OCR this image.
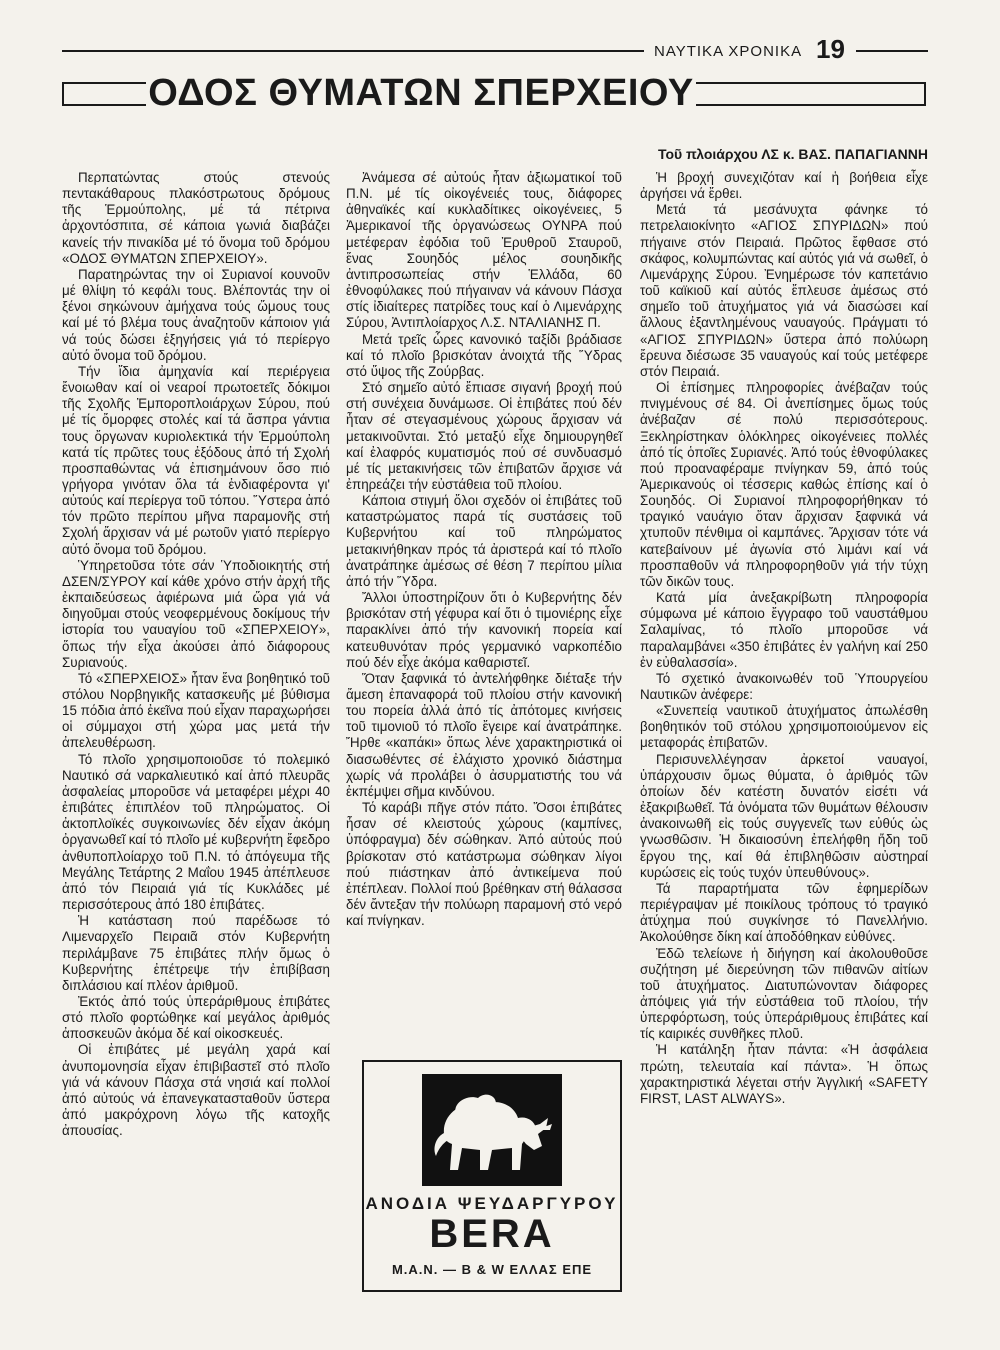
ΝΑΥΤΙΚΑ ΧΡΟΝΙΚΑ 19
ΟΔΟΣ ΘΥΜΑΤΩΝ ΣΠΕΡΧΕΙΟΥ
Τοῦ πλοιάρχου ΛΣ κ. ΒΑΣ. ΠΑΠΑΓΙΑΝΝΗ

Περπατώντας στούς στενούς πεντακάθαρους πλακόστρωτους δρόμους τῆς Ἑρμούπολης, μέ τά πέτρινα ἀρχοντόσπιτα, σέ κάποια γωνιά διαβάζει κανείς τήν πινακίδα μέ τό ὄνομα τοῦ δρόμου «ΟΔΟΣ ΘΥΜΑΤΩΝ ΣΠΕΡΧΕΙΟΥ».

Παρατηρώντας την οἱ Συριανοί κουνοῦν μέ θλίψη τό κεφάλι τους. Βλέποντάς την οἱ ξένοι σηκώνουν ἀμήχανα τούς ὤμους τους καί μέ τό βλέμα τους ἀναζητοῦν κάποιον γιά νά τούς δώσει ἐξηγήσεις γιά τό περίεργο αὐτό ὄνομα τοῦ δρόμου.

Τήν ἴδια ἀμηχανία καί περιέργεια ἔνοιωθαν καί οἱ νεαροί πρωτοετεῖς δόκιμοι τῆς Σχολῆς Ἐμποροπλοιάρχων Σύρου, πού μέ τίς ὄμορφες στολές καί τά ἄσπρα γάντια τους ὄργωναν κυριολεκτικά τήν Ἑρμούπολη κατά τίς πρῶτες τους ἐξόδους ἀπό τή Σχολή προσπαθώντας νά ἐπισημάνουν ὅσο πιό γρήγορα γινόταν ὅλα τά ἐνδιαφέροντα γι' αὐτούς καί περίεργα τοῦ τόπου. Ὕστερα ἀπό τόν πρῶτο περίπου μῆνα παραμονῆς στή Σχολή ἄρχισαν νά μέ ρωτοῦν γιατό περίεργο αὐτό ὄνομα τοῦ δρόμου.

Ὑπηρετοῦσα τότε σάν Ὑποδιοικητής στή ΔΣΕΝ/ΣΥΡΟΥ καί κάθε χρόνο στήν ἀρχή τῆς ἐκπαιδεύσεως ἀφιέρωνα μιά ὥρα γιά νά διηγοῦμαι στούς νεοφερμένους δοκίμους τήν ἱστορία του ναυαγίου τοῦ «ΣΠΕΡΧΕΙΟΥ», ὅπως τήν εἶχα ἀκούσει ἀπό διάφορους Συριανούς.

Τό «ΣΠΕΡΧΕΙΟΣ» ἦταν ἕνα βοηθητικό τοῦ στόλου Νορβηγικῆς κατασκευῆς μέ βύθισμα 15 πόδια ἀπό ἐκεῖνα πού εἶχαν παραχωρήσει οἱ σύμμαχοι στή χώρα μας μετά τήν ἀπελευθέρωση.

Τό πλοῖο χρησιμοποιοῦσε τό πολεμικό Ναυτικό σά ναρκαλιευτικό καί ἀπό πλευρᾶς ἀσφαλείας μποροῦσε νά μεταφέρει μέχρι 40 ἐπιβάτες ἐπιπλέον τοῦ πληρώματος. Οἱ ἀκτοπλοϊκές συγκοινωνίες δέν εἶχαν ἀκόμη ὀργανωθεῖ καί τό πλοῖο μέ κυβερνήτη ἔφεδρο ἀνθυποπλοίαρχο τοῦ Π.Ν. τό ἀπόγευμα τῆς Μεγάλης Τετάρτης 2 Μαΐου 1945 ἀπέπλευσε ἀπό τόν Πειραιά γιά τίς Κυκλάδες μέ περισσότερους ἀπό 180 ἐπιβάτες.

Ἡ κατάσταση πού παρέδωσε τό Λιμεναρχεῖο Πειραιᾶ στόν Κυβερνήτη περιλάμβανε 75 ἐπιβάτες πλήν ὅμως ὁ Κυβερνήτης ἐπέτρεψε τήν ἐπιβίβαση διπλάσιου καί πλέον ἀριθμοῦ.

Ἐκτός ἀπό τούς ὑπεράριθμους ἐπιβάτες στό πλοῖο φορτώθηκε καί μεγάλος ἀριθμός ἀποσκευῶν ἀκόμα δέ καί οἰκοσκευές.

Οἱ ἐπιβάτες μέ μεγάλη χαρά καί ἀνυπομονησία εἶχαν ἐπιβιβαστεῖ στό πλοῖο γιά νά κάνουν Πάσχα στά νησιά καί πολλοί ἀπό αὐτούς νά ἐπανεγκατασταθοῦν ὕστερα ἀπό μακρόχρονη λόγω τῆς κατοχῆς ἀπουσίας.

Ἀνάμεσα σέ αὐτούς ἦταν ἀξιωματικοί τοῦ Π.Ν. μέ τίς οἰκογένειές τους, διάφορες ἀθηναϊκές καί κυκλαδίτικες οἰκογένειες, 5 Ἀμερικανοί τῆς ὀργανώσεως ΟΥΝΡΑ πού μετέφεραν ἐφόδια τοῦ Ἐρυθροῦ Σταυροῦ, ἕνας Σουηδός μέλος σουηδικῆς ἀντιπροσωπείας στήν Ἑλλάδα, 60 ἐθνοφύλακες πού πήγαιναν νά κάνουν Πάσχα στίς ἰδιαίτερες πατρίδες τους καί ὁ Λιμενάρχης Σύρου, Ἀντιπλοίαρχος Λ.Σ. ΝΤΑΛΙΑΝΗΣ Π.

Μετά τρεῖς ὧρες κανονικό ταξίδι βράδιασε καί τό πλοῖο βρισκόταν ἀνοιχτά τῆς Ὕδρας στό ὕψος τῆς Ζούρβας.

Στό σημεῖο αὐτό ἔπιασε σιγανή βροχή πού στή συνέχεια δυνάμωσε. Οἱ ἐπιβάτες πού δέν ἦταν σέ στεγασμένους χώρους ἄρχισαν νά μετακινοῦνται. Στό μεταξύ εἶχε δημιουργηθεῖ καί ἐλαφρός κυματισμός πού σέ συνδυασμό μέ τίς μετακινήσεις τῶν ἐπιβατῶν ἄρχισε νά ἐπηρεάζει τήν εὐστάθεια τοῦ πλοίου.

Κάποια στιγμή ὅλοι σχεδόν οἱ ἐπιβάτες τοῦ καταστρώματος παρά τίς συστάσεις τοῦ Κυβερνήτου καί τοῦ πληρώματος μετακινήθηκαν πρός τά ἀριστερά καί τό πλοῖο ἀνατράπηκε ἀμέσως σέ θέση 7 περίπου μίλια ἀπό τήν Ὕδρα.

Ἄλλοι ὑποστηρίζουν ὅτι ὁ Κυβερνήτης δέν βρισκόταν στή γέφυρα καί ὅτι ὁ τιμονιέρης εἶχε παρακλίνει ἀπό τήν κανονική πορεία καί κατευθυνόταν πρός γερμανικό ναρκοπέδιο πού δέν εἶχε ἀκόμα καθαριστεῖ.

Ὅταν ξαφνικά τό ἀντελήφθηκε διέταξε τήν ἄμεση ἐπαναφορά τοῦ πλοίου στήν κανονική του πορεία ἀλλά ἀπό τίς ἀπότομες κινήσεις τοῦ τιμονιοῦ τό πλοῖο ἔγειρε καί ἀνατράπηκε. Ἤρθε «καπάκι» ὅπως λένε χαρακτηριστικά οἱ διασωθέντες σέ ἐλάχιστο χρονικό διάστημα χωρίς νά προλάβει ὁ ἀσυρματιστής του νά ἐκπέμψει σῆμα κινδύνου.

Τό καράβι πῆγε στόν πάτο. Ὅσοι ἐπιβάτες ἦσαν σέ κλειστούς χώρους (καμπίνες, ὑπόφραγμα) δέν σώθηκαν. Ἀπό αὐτούς πού βρίσκοταν στό κατάστρωμα σώθηκαν λίγοι πού πιάστηκαν ἀπό ἀντικείμενα πού ἐπέπλεαν. Πολλοί πού βρέθηκαν στή θάλασσα δέν ἄντεξαν τήν πολύωρη παραμονή στό νερό καί πνίγηκαν.

Ἡ βροχή συνεχιζόταν καί ἡ βοήθεια εἶχε ἀργήσει νά ἔρθει.

Μετά τά μεσάνυχτα φάνηκε τό πετρελαιοκίνητο «ΑΓΙΟΣ ΣΠΥΡΙΔΩΝ» πού πήγαινε στόν Πειραιά. Πρῶτος ἔφθασε στό σκάφος, κολυμπώντας καί αὐτός γιά νά σωθεῖ, ὁ Λιμενάρχης Σύρου. Ἐνημέρωσε τόν καπετάνιο τοῦ καϊκιοῦ καί αὐτός ἔπλευσε ἀμέσως στό σημεῖο τοῦ ἀτυχήματος γιά νά διασώσει καί ἄλλους ἐξαντλημένους ναυαγούς. Πράγματι τό «ΑΓΙΟΣ ΣΠΥΡΙΔΩΝ» ὕστερα ἀπό πολύωρη ἔρευνα διέσωσε 35 ναυαγούς καί τούς μετέφερε στόν Πειραιά.

Οἱ ἐπίσημες πληροφορίες ἀνέβαζαν τούς πνιγμένους σέ 84. Οἱ ἀνεπίσημες ὅμως τούς ἀνέβαζαν σέ πολύ περισσότερους. Ξεκληρίστηκαν ὁλόκληρες οἰκογένειες πολλές ἀπό τίς ὁποῖες Συριανές. Ἀπό τούς ἐθνοφύλακες πού προαναφέραμε πνίγηκαν 59, ἀπό τούς Ἀμερικανούς οἱ τέσσερις καθώς ἐπίσης καί ὁ Σουηδός. Οἱ Συριανοί πληροφορήθηκαν τό τραγικό ναυάγιο ὅταν ἄρχισαν ξαφνικά νά χτυποῦν πένθιμα οἱ καμπάνες. Ἄρχισαν τότε νά κατεβαίνουν μέ ἀγωνία στό λιμάνι καί νά προσπαθοῦν νά πληροφορηθοῦν γιά τήν τύχη τῶν δικῶν τους.

Κατά μία ἀνεξακρίβωτη πληροφορία σύμφωνα μέ κάποιο ἔγγραφο τοῦ ναυστάθμου Σαλαμίνας, τό πλοῖο μποροῦσε νά παραλαμβάνει «350 ἐπιβάτες ἐν γαλήνη καί 250 ἐν εὐθαλασσία».

Τό σχετικό ἀνακοινωθέν τοῦ Ὑπουργείου Ναυτικῶν ἀνέφερε:

«Συνεπείᾳ ναυτικοῦ ἀτυχήματος ἀπωλέσθη βοηθητικόν τοῦ στόλου χρησιμοποιούμενον εἰς μεταφοράς ἐπιβατῶν.

Περισυνελλέγησαν ἀρκετοί ναυαγοί, ὑπάρχουσιν ὅμως θύματα, ὁ ἀριθμός τῶν ὁποίων δέν κατέστη δυνατόν εἰσέτι νά ἐξακριβωθεῖ. Τά ὀνόματα τῶν θυμάτων θέλουσιν ἀνακοινωθῆ εἰς τούς συγγενεῖς των εὐθύς ὡς γνωσθῶσιν. Ἡ δικαιοσύνη ἐπελήφθη ἤδη τοῦ ἔργου της, καί θά ἐπιβληθῶσιν αὐστηραί κυρώσεις εἰς τούς τυχόν ὑπευθύνους».

Τά παραρτήματα τῶν ἐφημερίδων περιέγραψαν μέ ποικίλους τρόπους τό τραγικό ἀτύχημα πού συγκίνησε τό Πανελλήνιο. Ἀκολούθησε δίκη καί ἀποδόθηκαν εὐθύνες.

Ἐδῶ τελείωνε ἡ διήγηση καί ἀκολουθοῦσε συζήτηση μέ διερεύνηση τῶν πιθανῶν αἰτίων τοῦ ἀτυχήματος. Διατυπώνονταν διάφορες ἀπόψεις γιά τήν εὐστάθεια τοῦ πλοίου, τήν ὑπερφόρτωση, τούς ὑπεράριθμους ἐπιβάτες καί τίς καιρικές συνθῆκες πλοῦ.

Ἡ κατάληξη ἦταν πάντα: «Ἡ ἀσφάλεια πρώτη, τελευταία καί πάντα». Ἡ ὅπως χαρακτηριστικά λέγεται στήν Ἀγγλική «SAFETY FIRST, LAST ALWAYS».

ΑΝΟΔΙΑ ΨΕΥΔΑΡΓΥΡΟΥ
BERA
Μ.Α.Ν. — Β & W ΕΛΛΑΣ ΕΠΕ
